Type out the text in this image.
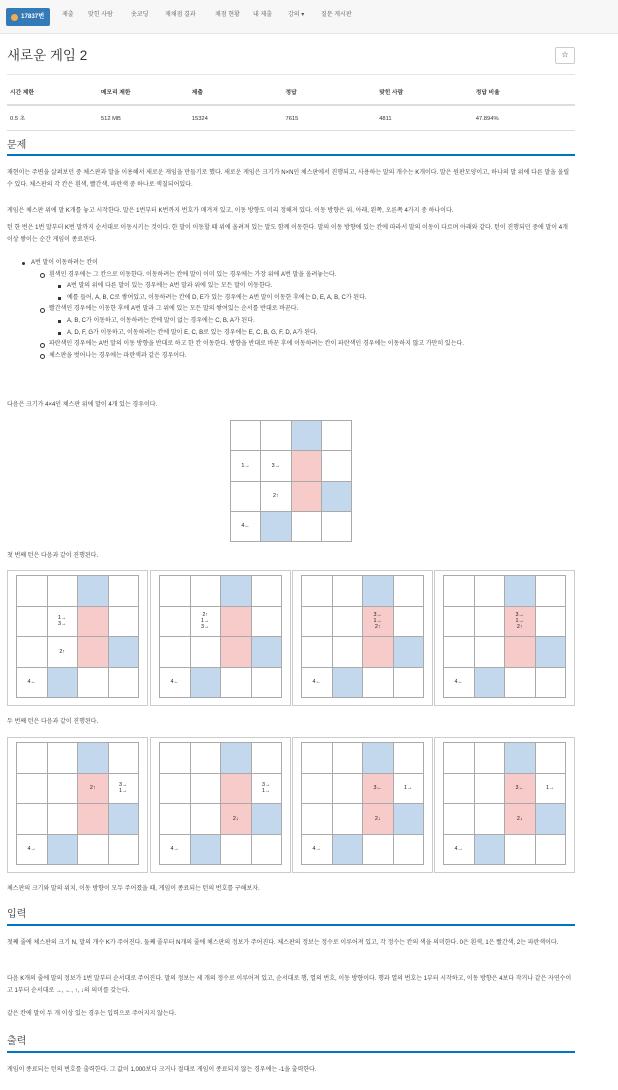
17837번	제출 맞힌 사람	숏코딩	재채점 결과	채점 현황 내 제출	강의 ▾	질문 게시판
새로운 게임 2	☆
시간 제한	메모리 제한	제출	정답	맞힌 사람	정답 비율
0.5 초	512 MB	15324	7615	4811	47.894%
문제
재현이는 주변을 살펴보던 중 체스판과 말을 이용해서 새로운 게임을 만들기로 했다. 새로운 게임은 크기가 N×N인 체스판에서 진행되고, 사용하는 말의 개수는 K개이다. 말은 원판모양이고, 하나의 말 위에 다른 말을 올릴 수 있다. 체스판의 각 칸은 흰색, 빨간색, 파란색 중 하나로 색칠되어있다.
게임은 체스판 위에 말 K개를 놓고 시작한다. 말은 1번부터 K번까지 번호가 매겨져 있고, 이동 방향도 미리 정해져 있다. 이동 방향은 위, 아래, 왼쪽, 오른쪽 4가지 중 하나이다.
턴 한 번은 1번 말부터 K번 말까지 순서대로 이동시키는 것이다. 한 말이 이동할 때 위에 올려져 있는 말도 함께 이동한다. 말의 이동 방향에 있는 칸에 따라서 말의 이동이 다르며 아래와 같다. 턴이 진행되던 중에 말이 4개 이상 쌓이는 순간 게임이 종료된다.
A번 말이 이동하려는 칸이
흰색인 경우에는 그 칸으로 이동한다. 이동하려는 칸에 말이 이미 있는 경우에는 가장 위에 A번 말을 올려놓는다.
A번 말의 위에 다른 말이 있는 경우에는 A번 말과 위에 있는 모든 말이 이동한다.
예를 들어, A, B, C로 쌓여있고, 이동하려는 칸에 D, E가 있는 경우에는 A번 말이 이동한 후에는 D, E, A, B, C가 된다.
빨간색인 경우에는 이동한 후에 A번 말과 그 위에 있는 모든 말의 쌓여있는 순서를 반대로 바꾼다.
A, B, C가 이동하고, 이동하려는 칸에 말이 없는 경우에는 C, B, A가 된다.
A, D, F, G가 이동하고, 이동하려는 칸에 말이 E, C, B로 있는 경우에는 E, C, B, G, F, D, A가 된다.
파란색인 경우에는 A번 말의 이동 방향을 반대로 하고 한 칸 이동한다. 방향을 반대로 바꾼 후에 이동하려는 칸이 파란색인 경우에는 이동하지 않고 가만히 있는다.
체스판을 벗어나는 경우에는 파란색과 같은 경우이다.
다음은 크기가 4×4인 체스판 위에 말이 4개 있는 경우이다.
1→	3→
2↑
4←
첫 번째 턴은 다음과 같이 진행된다.
1→
3→
2↑
4←
2↑
1→
3→
4←
3→
1→
2↑
4←
3→
1→
2↑
4←
두 번째 턴은 다음과 같이 진행된다.
2↑
3→
1→
4→
3→
1→
2↓
4→
3←	1→
2↓
4→
3←	1→
2↓
4→
체스판의 크기와 말의 위치, 이동 방향이 모두 주어졌을 때, 게임이 종료되는 턴의 번호를 구해보자.
입력
첫째 줄에 체스판의 크기 N, 말의 개수 K가 주어진다. 둘째 줄부터 N개의 줄에 체스판의 정보가 주어진다. 체스판의 정보는 정수로 이루어져 있고, 각 정수는 칸의 색을 의미한다. 0은 흰색, 1은 빨간색, 2는 파란색이다.
다음 K개의 줄에 말의 정보가 1번 말부터 순서대로 주어진다. 말의 정보는 세 개의 정수로 이루어져 있고, 순서대로 행, 열의 번호, 이동 방향이다. 행과 열의 번호는 1부터 시작하고, 이동 방향은 4보다 작거나 같은 자연수이고 1부터 순서대로 →, ←, ↑, ↓의 의미를 갖는다.
같은 칸에 말이 두 개 이상 있는 경우는 입력으로 주어지지 않는다.
출력
게임이 종료되는 턴의 번호를 출력한다. 그 값이 1,000보다 크거나 절대로 게임이 종료되지 않는 경우에는 -1을 출력한다.
